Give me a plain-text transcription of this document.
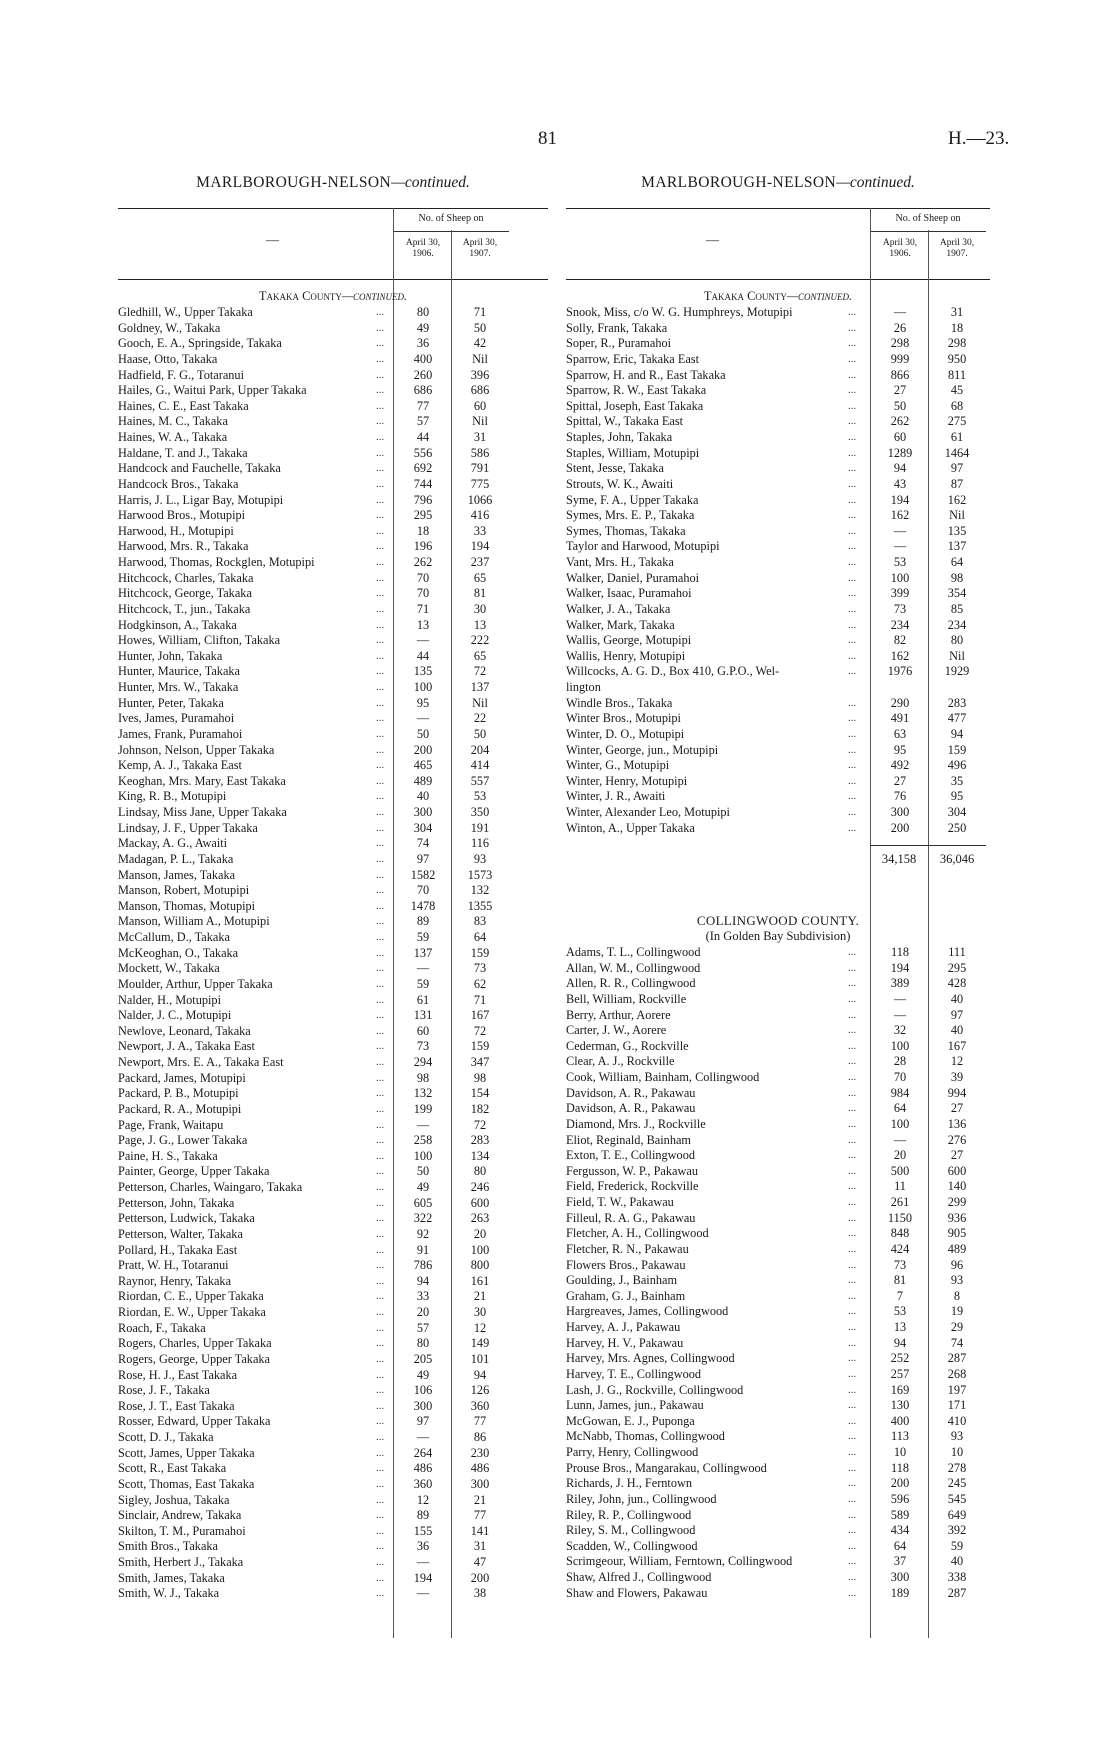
81	H.—23.
MARLBOROUGH-NELSON—continued.
—
No. of Sheep on
April 30, 1906.
April 30, 1907.
Takaka County—continued.
Gledhill, W., Upper Takaka	...	80	71
Goldney, W., Takaka	...	49	50
Gooch, E. A., Springside, Takaka	...	36	42
Haase, Otto, Takaka	...	400	Nil
Hadfield, F. G., Totaranui	...	260	396
Hailes, G., Waitui Park, Upper Takaka	...	686	686
Haines, C. E., East Takaka	...	77	60
Haines, M. C., Takaka	...	57	Nil
Haines, W. A., Takaka	...	44	31
Haldane, T. and J., Takaka	...	556	586
Handcock and Fauchelle, Takaka	...	692	791
Handcock Bros., Takaka	...	744	775
Harris, J. L., Ligar Bay, Motupipi	...	796	1066
Harwood Bros., Motupipi	...	295	416
Harwood, H., Motupipi	...	18	33
Harwood, Mrs. R., Takaka	...	196	194
Harwood, Thomas, Rockglen, Motupipi	...	262	237
Hitchcock, Charles, Takaka	...	70	65
Hitchcock, George, Takaka	...	70	81
Hitchcock, T., jun., Takaka	...	71	30
Hodgkinson, A., Takaka	...	13	13
Howes, William, Clifton, Takaka	...	—	222
Hunter, John, Takaka	...	44	65
Hunter, Maurice, Takaka	...	135	72
Hunter, Mrs. W., Takaka	...	100	137
Hunter, Peter, Takaka	...	95	Nil
Ives, James, Puramahoi	...	—	22
James, Frank, Puramahoi	...	50	50
Johnson, Nelson, Upper Takaka	...	200	204
Kemp, A. J., Takaka East	...	465	414
Keoghan, Mrs. Mary, East Takaka	...	489	557
King, R. B., Motupipi	...	40	53
Lindsay, Miss Jane, Upper Takaka	...	300	350
Lindsay, J. F., Upper Takaka	...	304	191
Mackay, A. G., Awaiti	...	74	116
Madagan, P. L., Takaka	...	97	93
Manson, James, Takaka	...	1582	1573
Manson, Robert, Motupipi	...	70	132
Manson, Thomas, Motupipi	...	1478	1355
Manson, William A., Motupipi	...	89	83
McCallum, D., Takaka	...	59	64
McKeoghan, O., Takaka	...	137	159
Mockett, W., Takaka	...	—	73
Moulder, Arthur, Upper Takaka	...	59	62
Nalder, H., Motupipi	...	61	71
Nalder, J. C., Motupipi	...	131	167
Newlove, Leonard, Takaka	...	60	72
Newport, J. A., Takaka East	...	73	159
Newport, Mrs. E. A., Takaka East	...	294	347
Packard, James, Motupipi	...	98	98
Packard, P. B., Motupipi	...	132	154
Packard, R. A., Motupipi	...	199	182
Page, Frank, Waitapu	...	—	72
Page, J. G., Lower Takaka	...	258	283
Paine, H. S., Takaka	...	100	134
Painter, George, Upper Takaka	...	50	80
Petterson, Charles, Waingaro, Takaka	...	49	246
Petterson, John, Takaka	...	605	600
Petterson, Ludwick, Takaka	...	322	263
Petterson, Walter, Takaka	...	92	20
Pollard, H., Takaka East	...	91	100
Pratt, W. H., Totaranui	...	786	800
Raynor, Henry, Takaka	...	94	161
Riordan, C. E., Upper Takaka	...	33	21
Riordan, E. W., Upper Takaka	...	20	30
Roach, F., Takaka	...	57	12
Rogers, Charles, Upper Takaka	...	80	149
Rogers, George, Upper Takaka	...	205	101
Rose, H. J., East Takaka	...	49	94
Rose, J. F., Takaka	...	106	126
Rose, J. T., East Takaka	...	300	360
Rosser, Edward, Upper Takaka	...	97	77
Scott, D. J., Takaka	...	—	86
Scott, James, Upper Takaka	...	264	230
Scott, R., East Takaka	...	486	486
Scott, Thomas, East Takaka	...	360	300
Sigley, Joshua, Takaka	...	12	21
Sinclair, Andrew, Takaka	...	89	77
Skilton, T. M., Puramahoi	...	155	141
Smith Bros., Takaka	...	36	31
Smith, Herbert J., Takaka	...	—	47
Smith, James, Takaka	...	194	200
Smith, W. J., Takaka	...	—	38
MARLBOROUGH-NELSON—continued.
—
No. of Sheep on
April 30, 1906.
April 30, 1907.
Takaka County—continued.
Snook, Miss, c/o W. G. Humphreys, Motupipi	...	—	31
Solly, Frank, Takaka	...	26	18
Soper, R., Puramahoi	...	298	298
Sparrow, Eric, Takaka East	...	999	950
Sparrow, H. and R., East Takaka	...	866	811
Sparrow, R. W., East Takaka	...	27	45
Spittal, Joseph, East Takaka	...	50	68
Spittal, W., Takaka East	...	262	275
Staples, John, Takaka	...	60	61
Staples, William, Motupipi	...	1289	1464
Stent, Jesse, Takaka	...	94	97
Strouts, W. K., Awaiti	...	43	87
Syme, F. A., Upper Takaka	...	194	162
Symes, Mrs. E. P., Takaka	...	162	Nil
Symes, Thomas, Takaka	...	—	135
Taylor and Harwood, Motupipi	...	—	137
Vant, Mrs. H., Takaka	...	53	64
Walker, Daniel, Puramahoi	...	100	98
Walker, Isaac, Puramahoi	...	399	354
Walker, J. A., Takaka	...	73	85
Walker, Mark, Takaka	...	234	234
Wallis, George, Motupipi	...	82	80
Wallis, Henry, Motupipi	...	162	Nil
Willcocks, A. G. D., Box 410, G.P.O., Wel-	...	1976	1929
lington
Windle Bros., Takaka	...	290	283
Winter Bros., Motupipi	...	491	477
Winter, D. O., Motupipi	...	63	94
Winter, George, jun., Motupipi	...	95	159
Winter, G., Motupipi	...	492	496
Winter, Henry, Motupipi	...	27	35
Winter, J. R., Awaiti	...	76	95
Winter, Alexander Leo, Motupipi	...	300	304
Winton, A., Upper Takaka	...	200	250
34,158	36,046
COLLINGWOOD COUNTY.
(In Golden Bay Subdivision)
Adams, T. L., Collingwood	...	118	111
Allan, W. M., Collingwood	...	194	295
Allen, R. R., Collingwood	...	389	428
Bell, William, Rockville	...	—	40
Berry, Arthur, Aorere	...	—	97
Carter, J. W., Aorere	...	32	40
Cederman, G., Rockville	...	100	167
Clear, A. J., Rockville	...	28	12
Cook, William, Bainham, Collingwood	...	70	39
Davidson, A. R., Pakawau	...	984	994
Davidson, A. R., Pakawau	...	64	27
Diamond, Mrs. J., Rockville	...	100	136
Eliot, Reginald, Bainham	...	—	276
Exton, T. E., Collingwood	...	20	27
Fergusson, W. P., Pakawau	...	500	600
Field, Frederick, Rockville	...	11	140
Field, T. W., Pakawau	...	261	299
Filleul, R. A. G., Pakawau	...	1150	936
Fletcher, A. H., Collingwood	...	848	905
Fletcher, R. N., Pakawau	...	424	489
Flowers Bros., Pakawau	...	73	96
Goulding, J., Bainham	...	81	93
Graham, G. J., Bainham	...	7	8
Hargreaves, James, Collingwood	...	53	19
Harvey, A. J., Pakawau	...	13	29
Harvey, H. V., Pakawau	...	94	74
Harvey, Mrs. Agnes, Collingwood	...	252	287
Harvey, T. E., Collingwood	...	257	268
Lash, J. G., Rockville, Collingwood	...	169	197
Lunn, James, jun., Pakawau	...	130	171
McGowan, E. J., Puponga	...	400	410
McNabb, Thomas, Collingwood	...	113	93
Parry, Henry, Collingwood	...	10	10
Prouse Bros., Mangarakau, Collingwood	...	118	278
Richards, J. H., Ferntown	...	200	245
Riley, John, jun., Collingwood	...	596	545
Riley, R. P., Collingwood	...	589	649
Riley, S. M., Collingwood	...	434	392
Scadden, W., Collingwood	...	64	59
Scrimgeour, William, Ferntown, Collingwood	...	37	40
Shaw, Alfred J., Collingwood	...	300	338
Shaw and Flowers, Pakawau	...	189	287
